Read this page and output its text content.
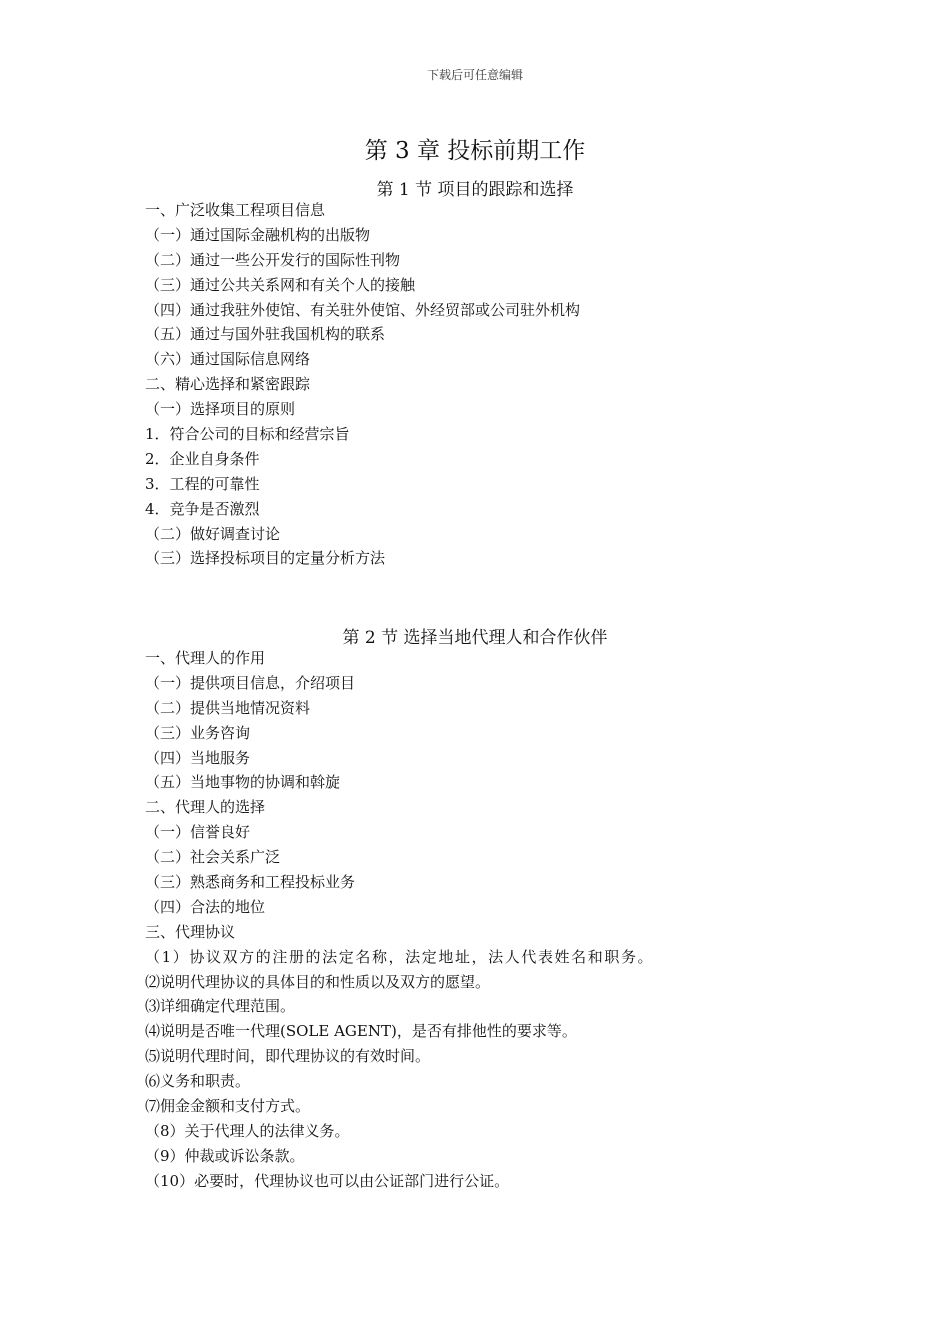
下载后可任意编辑
第 3 章 投标前期工作
第 1 节 项目的跟踪和选择
一、广泛收集工程项目信息
（一）通过国际金融机构的出版物
（二）通过一些公开发行的国际性刊物
（三）通过公共关系网和有关个人的接触
（四）通过我驻外使馆、有关驻外使馆、外经贸部或公司驻外机构
（五）通过与国外驻我国机构的联系
（六）通过国际信息网络
二、精心选择和紧密跟踪
（一）选择项目的原则
1．符合公司的目标和经营宗旨
2．企业自身条件
3．工程的可靠性
4．竞争是否激烈
（二）做好调查讨论
（三）选择投标项目的定量分析方法
第 2 节 选择当地代理人和合作伙伴
一、代理人的作用
（一）提供项目信息，介绍项目
（二）提供当地情况资料
（三）业务咨询
（四）当地服务
（五）当地事物的协调和斡旋
二、代理人的选择
（一）信誉良好
（二）社会关系广泛
（三）熟悉商务和工程投标业务
（四）合法的地位
三、代理协议
（1）协议双方的注册的法定名称，法定地址，法人代表姓名和职务。
⑵说明代理协议的具体目的和性质以及双方的愿望。
⑶详细确定代理范围。
⑷说明是否唯一代理(SOLE AGENT)，是否有排他性的要求等。
⑸说明代理时间，即代理协议的有效时间。
⑹义务和职责。
⑺佣金金额和支付方式。
（8）关于代理人的法律义务。
（9）仲裁或诉讼条款。
（10）必要时，代理协议也可以由公证部门进行公证。
